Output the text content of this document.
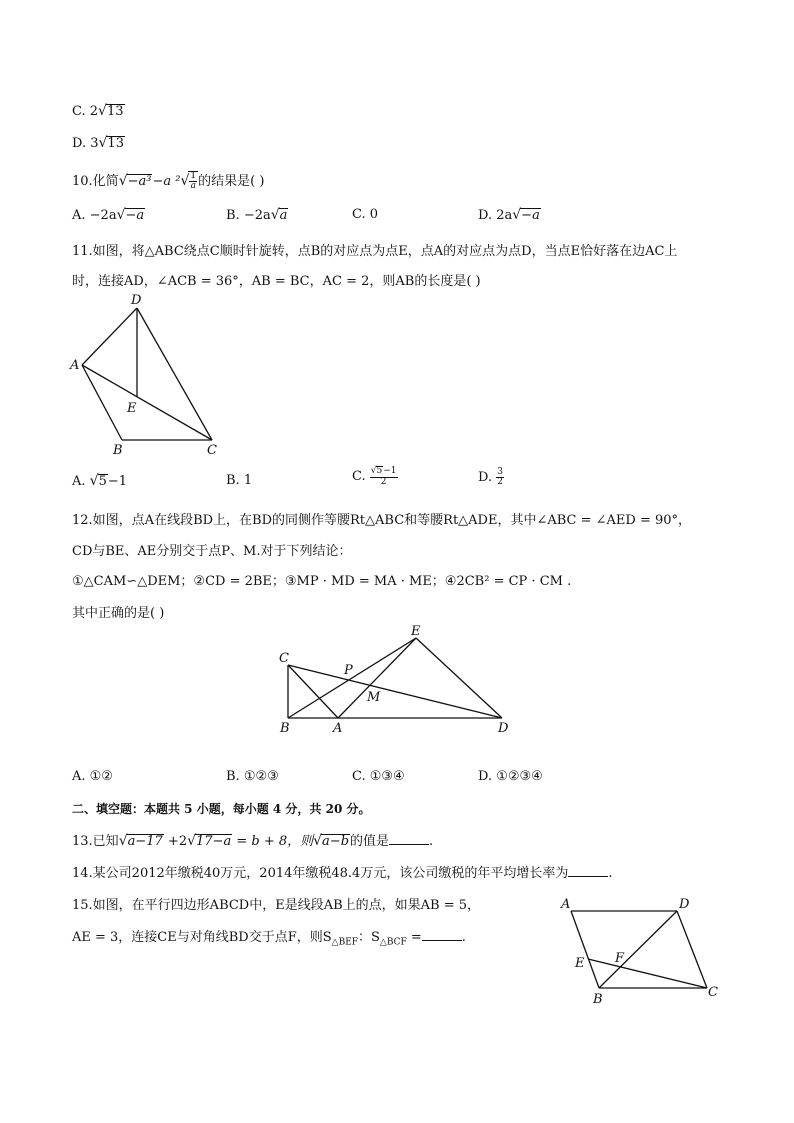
C. 2√13
D. 3√13
10.化简√−a³−a $^2√ \frac{1}{a}$ 的结果是( )
A. −2a√−a	B. −2a√a	C. 0	D. 2a√−a
11.如图，将△ABC绕点C顺时针旋转，点B的对应点为点E，点A的对应点为点D，当点E恰好落在边AC上
时，连接AD，∠ACB = 36°，AB = BC，AC = 2，则AB的长度是( )
D
A
E
B	C
A. √5−1	B. 1	C. $\frac{√5-1}{2}$	D. $\frac{3}{2}$
12.如图，点A在线段BD上，在BD的同侧作等腰Rt△ABC和等腰Rt△ADE，其中∠ABC = ∠AED = 90°，
CD与BE、AE分别交于点P、M.对于下列结论：
①△CAM∽△DEM；②CD = 2BE；③MP · MD = MA · ME；④2CB² = CP · CM .
其中正确的是( )
C
E
P
M
B	A	D
A. ①②	B. ①②③	C. ①③④	D. ①②③④
二、填空题：本题共 5 小题，每小题 4 分，共 20 分。
13.已知√a−17 +2√17−a = b + 8，则√a−b的值是	.
14.某公司2012年缴税40万元，2014年缴税48.4万元，该公司缴税的年平均增长率为	.
15.如图，在平行四边形ABCD中，E是线段AB上的点，如果AB = 5，
AE = 3，连接CE与对角线BD交于点F，则$S_{\triangle BEF}$：$S_{\triangle BCF}$ =	.
A	D
E F
B	C
